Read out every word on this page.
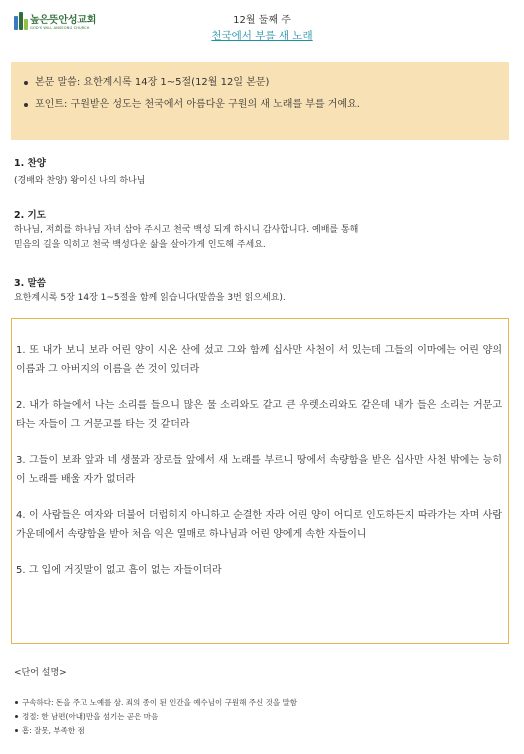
높은뜻안성교회
GOD'S WILL ANSEONG CHURCH
12월 둘째 주
천국에서 부를 새 노래
본문 말씀: 요한계시록 14장 1~5절(12월 12일 본문)
포인트: 구원받은 성도는 천국에서 아름다운 구원의 새 노래를 부를 거예요.
1. 찬양
(경배와 찬양) 왕이신 나의 하나님
2. 기도
하나님, 저희를 하나님 자녀 삼아 주시고 천국 백성 되게 하시니 감사합니다. 예배를 통해
믿음의 길을 익히고 천국 백성다운 삶을 살아가게 인도해 주세요.
3. 말씀
요한계시록 5장 14장 1~5절을 함께 읽습니다(말씀을 3번 읽으세요).
1. 또 내가 보니 보라 어린 양이 시온 산에 섰고 그와 함께 십사만 사천이 서 있는데 그들의 이마에는 어린 양의 이름과 그 아버지의 이름을 쓴 것이 있더라
2. 내가 하늘에서 나는 소리를 들으니 많은 물 소리와도 같고 큰 우렛소리와도 같은데 내가 들은 소리는 거문고 타는 자들이 그 거문고를 타는 것 같더라
3. 그들이 보좌 앞과 네 생물과 장로들 앞에서 새 노래를 부르니 땅에서 속량함을 받은 십사만 사천 밖에는 능히 이 노래를 배울 자가 없더라
4. 이 사람들은 여자와 더불어 더럽히지 아니하고 순결한 자라 어린 양이 어디로 인도하든지 따라가는 자며 사람 가운데에서 속량함을 받아 처음 익은 열매로 하나님과 어린 양에게 속한 자들이니
5. 그 입에 거짓말이 없고 흠이 없는 자들이더라
<단어 설명>
구속하다: 돈을 주고 노예를 삼. 죄의 종이 된 인간을 예수님이 구원해 주신 것을 말함
정절: 한 남편(아내)만을 섬기는 곧은 마음
흠: 잘못, 부족한 점
